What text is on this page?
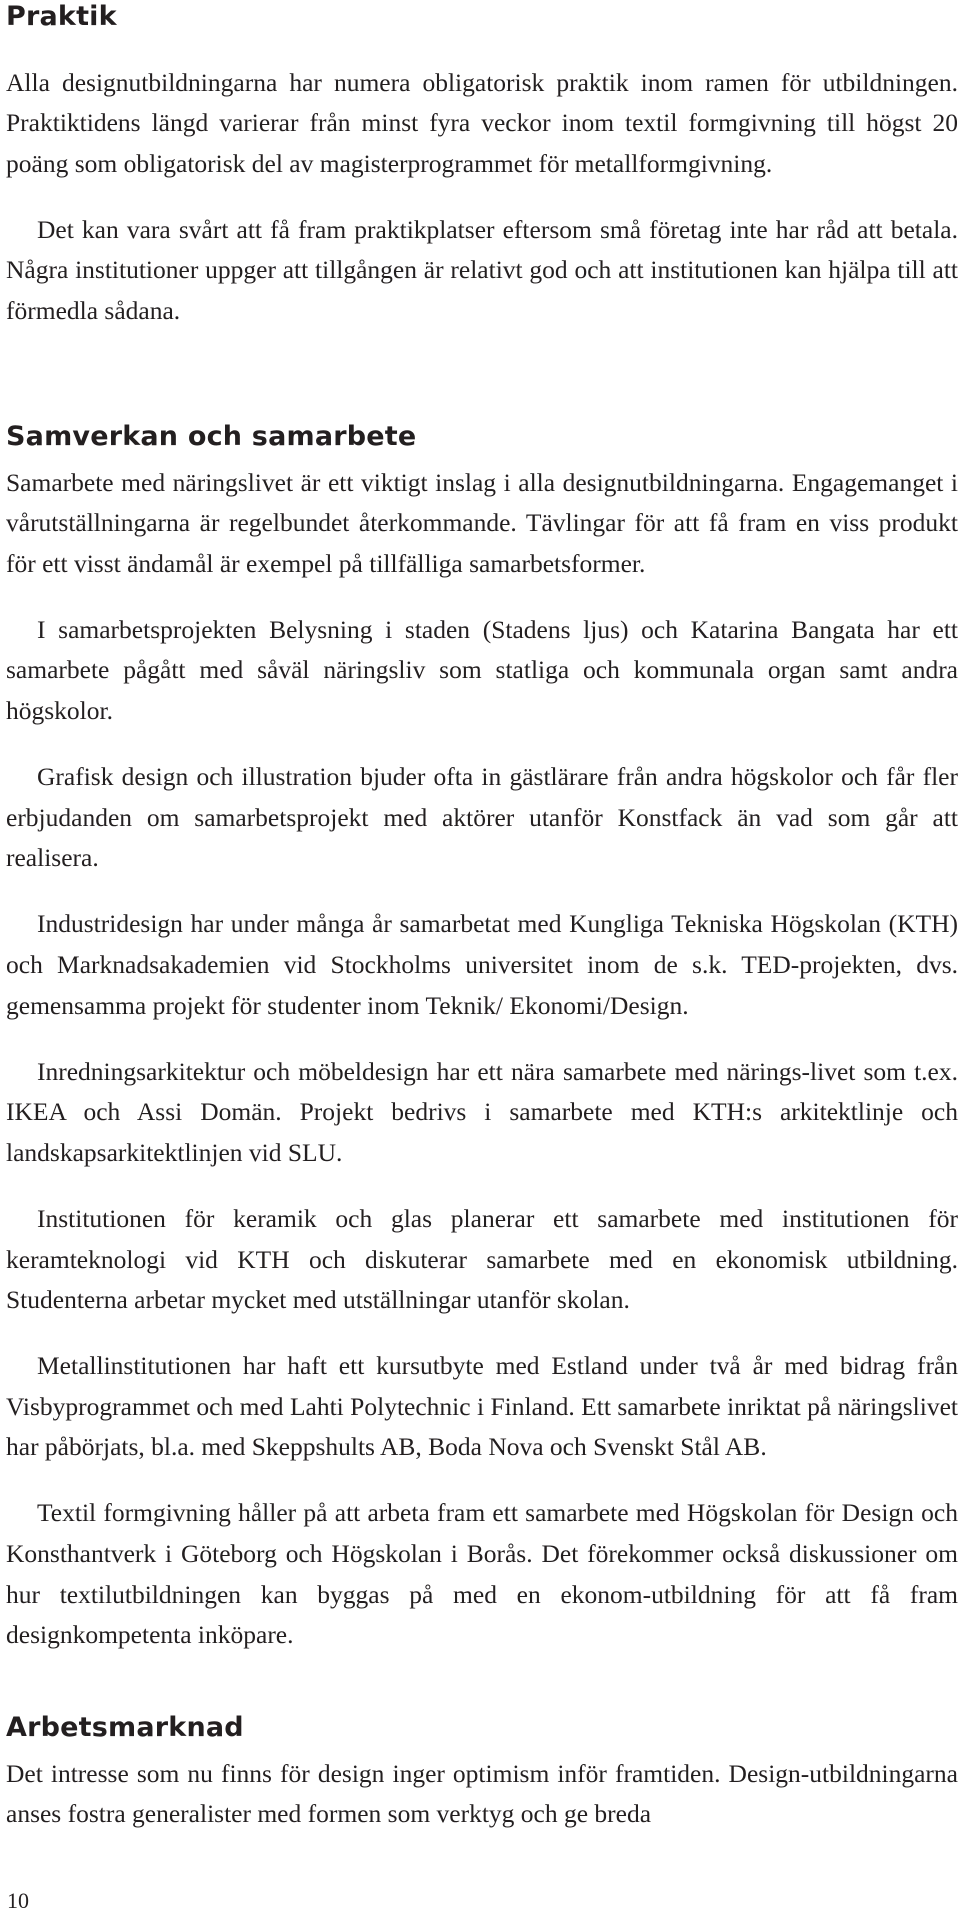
Praktik

Alla designutbildningarna har numera obligatorisk praktik inom ramen för utbildningen. Praktiktidens längd varierar från minst fyra veckor inom textil formgivning till högst 20 poäng som obligatorisk del av magisterprogrammet för metallformgivning.

Det kan vara svårt att få fram praktikplatser eftersom små företag inte har råd att betala. Några institutioner uppger att tillgången är relativt god och att institutionen kan hjälpa till att förmedla sådana.

Samverkan och samarbete

Samarbete med näringslivet är ett viktigt inslag i alla designutbildningarna. Engagemanget i vårutställningarna är regelbundet återkommande. Tävlingar för att få fram en viss produkt för ett visst ändamål är exempel på tillfälliga samarbetsformer.

I samarbetsprojekten Belysning i staden (Stadens ljus) och Katarina Bangata har ett samarbete pågått med såväl näringsliv som statliga och kommunala organ samt andra högskolor.

Grafisk design och illustration bjuder ofta in gästlärare från andra högskolor och får fler erbjudanden om samarbetsprojekt med aktörer utanför Konstfack än vad som går att realisera.

Industridesign har under många år samarbetat med Kungliga Tekniska Högskolan (KTH) och Marknadsakademien vid Stockholms universitet inom de s.k. TED-projekten, dvs. gemensamma projekt för studenter inom Teknik/ Ekonomi/Design.

Inredningsarkitektur och möbeldesign har ett nära samarbete med närings-livet som t.ex. IKEA och Assi Domän. Projekt bedrivs i samarbete med KTH:s arkitektlinje och landskapsarkitektlinjen vid SLU.

Institutionen för keramik och glas planerar ett samarbete med institutionen för keramteknologi vid KTH och diskuterar samarbete med en ekonomisk utbildning. Studenterna arbetar mycket med utställningar utanför skolan.

Metallinstitutionen har haft ett kursutbyte med Estland under två år med bidrag från Visbyprogrammet och med Lahti Polytechnic i Finland. Ett samarbete inriktat på näringslivet har påbörjats, bl.a. med Skeppshults AB, Boda Nova och Svenskt Stål AB.

Textil formgivning håller på att arbeta fram ett samarbete med Högskolan för Design och Konsthantverk i Göteborg och Högskolan i Borås. Det förekommer också diskussioner om hur textilutbildningen kan byggas på med en ekonom-utbildning för att få fram designkompetenta inköpare.

Arbetsmarknad

Det intresse som nu finns för design inger optimism inför framtiden. Design-utbildningarna anses fostra generalister med formen som verktyg och ge breda

10
